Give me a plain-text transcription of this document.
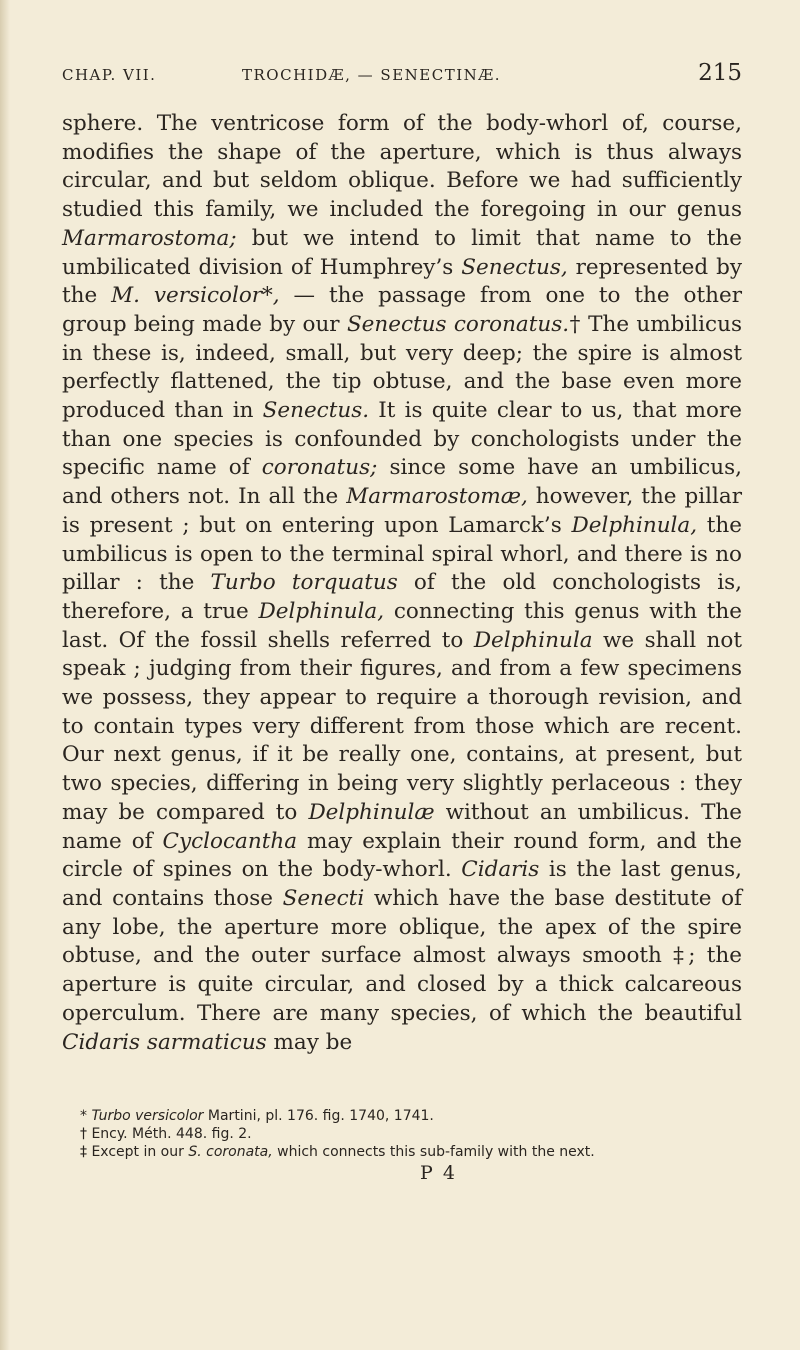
CHAP. VII.	TROCHIDÆ, — SENECTINÆ.	215
sphere. The ventricose form of the body-whorl of, course, modifies the shape of the aperture, which is thus always circular, and but seldom oblique. Before we had sufficiently studied this family, we included the foregoing in our genus Marmarostoma; but we intend to limit that name to the umbilicated division of Humphrey’s Senectus, represented by the M. versicolor*, — the passage from one to the other group being made by our Senectus coronatus.† The umbilicus in these is, indeed, small, but very deep; the spire is almost perfectly flattened, the tip obtuse, and the base even more produced than in Senectus. It is quite clear to us, that more than one species is confounded by conchologists under the specific name of coronatus; since some have an umbilicus, and others not. In all the Marmarostomæ, however, the pillar is present ; but on entering upon Lamarck’s Delphinula, the umbilicus is open to the terminal spiral whorl, and there is no pillar : the Turbo torquatus of the old conchologists is, therefore, a true Delphinula, connecting this genus with the last. Of the fossil shells referred to Delphinula we shall not speak ; judging from their figures, and from a few specimens we possess, they appear to require a thorough revision, and to contain types very different from those which are recent. Our next genus, if it be really one, contains, at present, but two species, differing in being very slightly perlaceous : they may be compared to Delphinulæ without an umbilicus. The name of Cyclocantha may explain their round form, and the circle of spines on the body-whorl. Cidaris is the last genus, and contains those Senecti which have the base destitute of any lobe, the aperture more oblique, the apex of the spire obtuse, and the outer surface almost always smooth ‡; the aperture is quite circular, and closed by a thick calcareous operculum. There are many species, of which the beautiful Cidaris sarmaticus may be

* Turbo versicolor Martini, pl. 176. fig. 1740, 1741.

† Ency. Méth. 448. fig. 2.

‡ Except in our S. coronata, which connects this sub-family with the next.

P 4
